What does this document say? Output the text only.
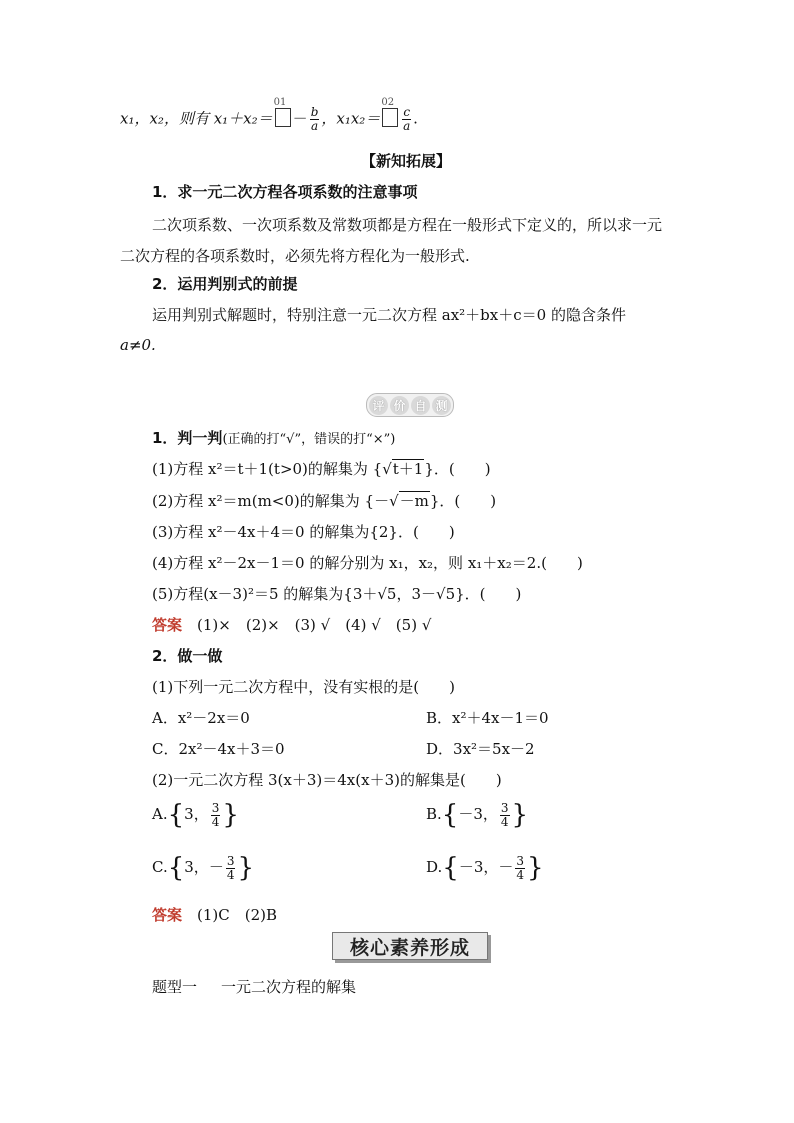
x₁，x₂，则有 x₁＋x₂＝
01
－ $\frac{b}{a}$ ，x₁x₂＝
02
$\frac{c}{a}$ .
【新知拓展】
1．求一元二次方程各项系数的注意事项
二次项系数、一次项系数及常数项都是方程在一般形式下定义的，所以求一元二次方程的各项系数时，必须先将方程化为一般形式.
2．运用判别式的前提
运用判别式解题时，特别注意一元二次方程 ax²＋bx＋c＝0 的隐含条件
a≠0.
评 价 自 测
1．判一判(正确的打“√”，错误的打“×”)
(1)方程 x²＝t＋1(t>0)的解集为 {√t＋1}．(　　)
(2)方程 x²＝m(m<0)的解集为 {－√－m}．(　　)
(3)方程 x²－4x＋4＝0 的解集为{2}．(　　)
(4)方程 x²－2x－1＝0 的解分别为 x₁，x₂，则 x₁＋x₂＝2.(　　)
(5)方程(x－3)²＝5 的解集为{3＋√5，3－√5}．(　　)
答案　 (1)×　(2)×　(3) √　(4) √　(5) √
2．做一做
(1)下列一元二次方程中，没有实根的是(　　)
A．x²－2x＝0	B．x²＋4x－1＝0
C．2x²－4x＋3＝0	D．3x²＝5x－2
(2)一元二次方程 3(x＋3)＝4x(x＋3)的解集是(　　)
A.{3， $\frac{3}{4}$ }	B.{－3， $\frac{3}{4}$ }
C.{3，－ $\frac{3}{4}$ }	D.{－3，－ $\frac{3}{4}$ }
答案　 (1)C　(2)B
核心素养形成
题型一 一元二次方程的解集
